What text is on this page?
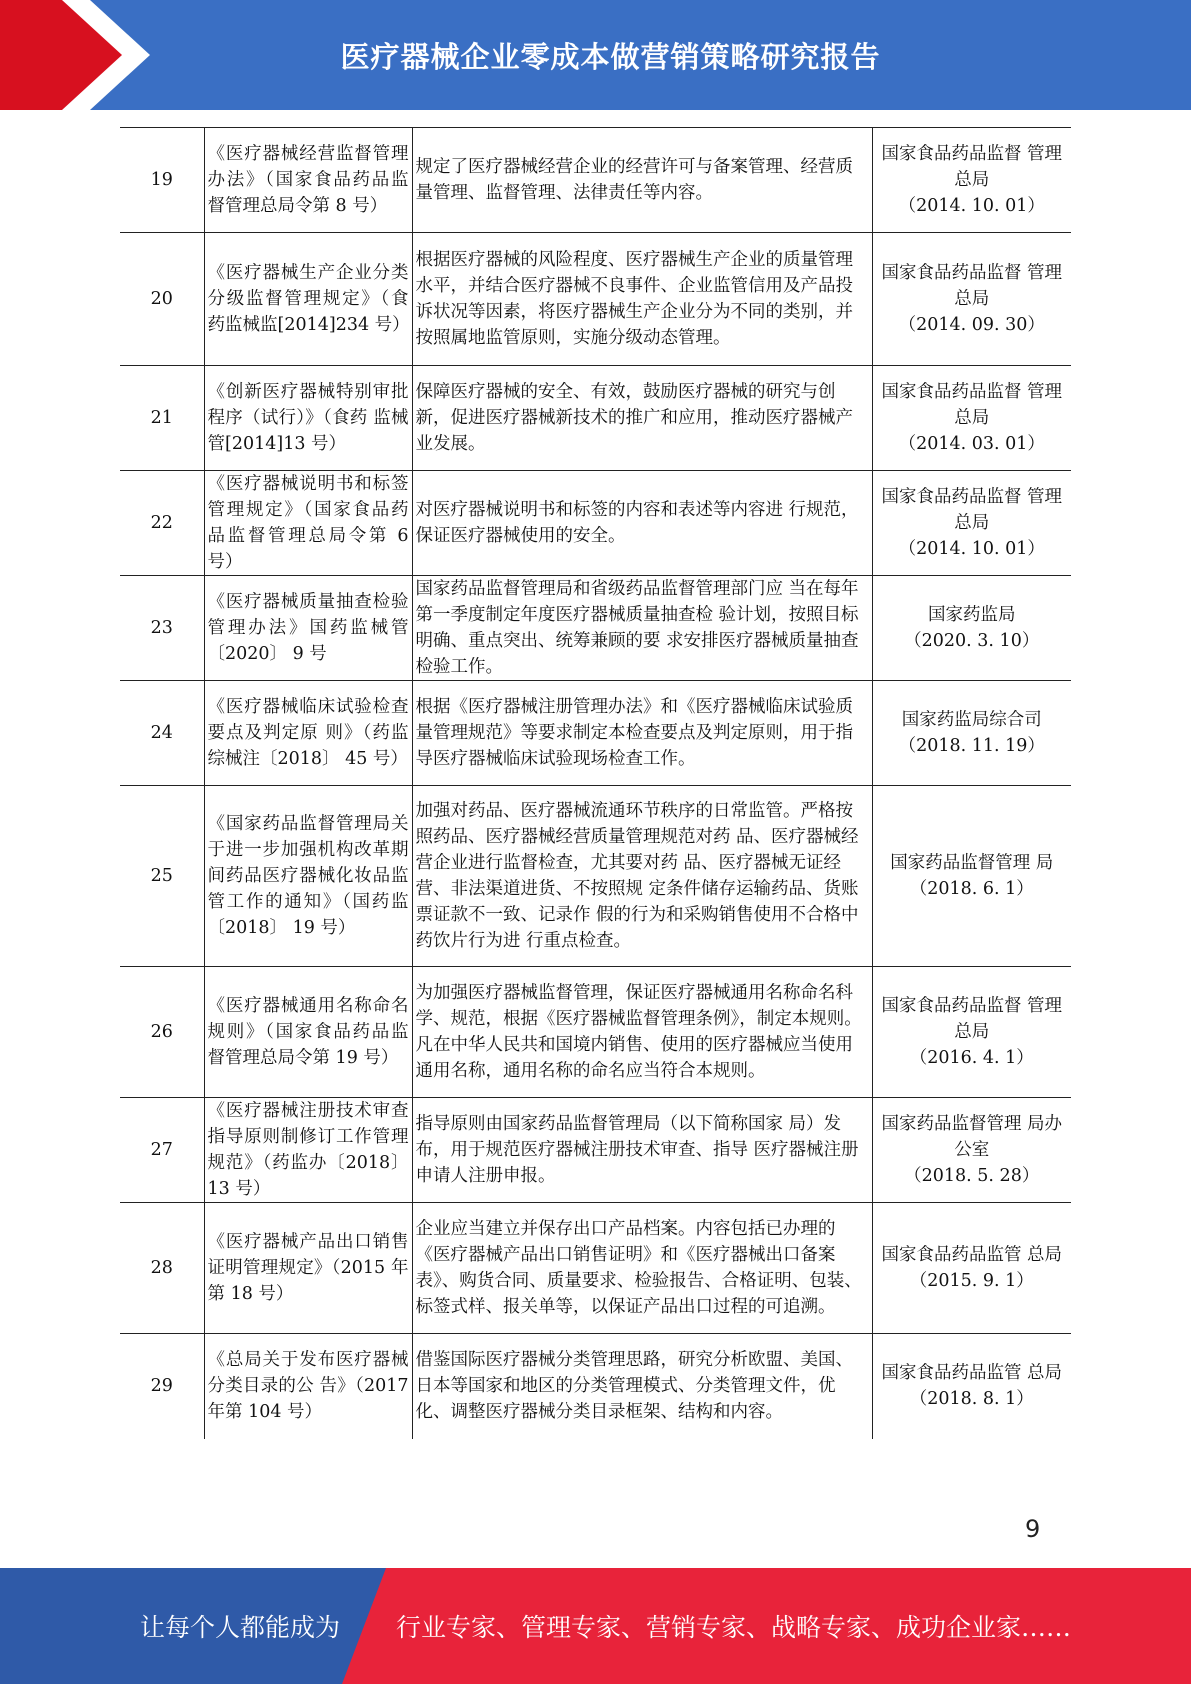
医疗器械企业零成本做营销策略研究报告
19	《医疗器械经营监督管理办法》（国家食品药品监督管理总局令第 8 号）	规定了医疗器械经营企业的经营许可与备案管理、经营质量管理、监督管理、法律责任等内容。	国家食品药品监督 管理总局
（2014. 10. 01）

20	《医疗器械生产企业分类分级监督管理规定》（食药监械监[2014]234 号）	根据医疗器械的风险程度、医疗器械生产企业的质量管理水平，并结合医疗器械不良事件、企业监管信用及产品投诉状况等因素，将医疗器械生产企业分为不同的类别，并按照属地监管原则，实施分级动态管理。	国家食品药品监督 管理总局
（2014. 09. 30）

21	《创新医疗器械特别审批程序（试行）》（食药 监械管[2014]13 号）	保障医疗器械的安全、有效，鼓励医疗器械的研究与创新，促进医疗器械新技术的推广和应用，推动医疗器械产业发展。	国家食品药品监督 管理总局
（2014. 03. 01）

22	《医疗器械说明书和标签管理规定》（国家食品药品监督管理总局令第 6 号）	对医疗器械说明书和标签的内容和表述等内容进 行规范，保证医疗器械使用的安全。	国家食品药品监督 管理总局
（2014. 10. 01）

23	《医疗器械质量抽查检验管理办法》国药监械管〔2020〕 9 号	国家药品监督管理局和省级药品监督管理部门应 当在每年第一季度制定年度医疗器械质量抽查检 验计划，按照目标明确、重点突出、统筹兼顾的要 求安排医疗器械质量抽查检验工作。	国家药监局
（2020. 3. 10）

24	《医疗器械临床试验检查要点及判定原 则》（药监综械注〔2018〕 45 号）	根据《医疗器械注册管理办法》和《医疗器械临床试验质量管理规范》等要求制定本检查要点及判定原则，用于指导医疗器械临床试验现场检查工作。	国家药监局综合司
（2018. 11. 19）

25	《国家药品监督管理局关于进一步加强机构改革期间药品医疗器械化妆品监管工作的通知》（国药监〔2018〕 19 号）	加强对药品、医疗器械流通环节秩序的日常监管。严格按照药品、医疗器械经营质量管理规范对药 品、医疗器械经营企业进行监督检查，尤其要对药 品、医疗器械无证经营、非法渠道进货、不按照规 定条件储存运输药品、货账票证款不一致、记录作 假的行为和采购销售使用不合格中药饮片行为进 行重点检查。	国家药品监督管理 局
（2018. 6. 1）

26	《医疗器械通用名称命名规则》（国家食品药品监督管理总局令第 19 号）	为加强医疗器械监督管理，保证医疗器械通用名称命名科学、规范，根据《医疗器械监督管理条例》，制定本规则。凡在中华人民共和国境内销售、使用的医疗器械应当使用通用名称，通用名称的命名应当符合本规则。	国家食品药品监督 管理总局
（2016. 4. 1）

27	《医疗器械注册技术审查指导原则制修订工作管理规范》（药监办〔2018〕13 号）	指导原则由国家药品监督管理局（以下简称国家 局）发布，用于规范医疗器械注册技术审查、指导 医疗器械注册申请人注册申报。	国家药品监督管理 局办公室
（2018. 5. 28）

28	《医疗器械产品出口销售证明管理规定》（2015 年第 18 号）	企业应当建立并保存出口产品档案。内容包括已办理的《医疗器械产品出口销售证明》和《医疗器械出口备案表》、购货合同、质量要求、检验报告、合格证明、包装、标签式样、报关单等，以保证产品出口过程的可追溯。	国家食品药品监管 总局
（2015. 9. 1）

29	《总局关于发布医疗器械分类目录的公 告》（2017 年第 104 号）	借鉴国际医疗器械分类管理思路，研究分析欧盟、美国、日本等国家和地区的分类管理模式、分类管理文件，优化、调整医疗器械分类目录框架、结构和内容。	国家食品药品监管 总局
（2018. 8. 1）
9
让每个人都能成为 行业专家、管理专家、营销专家、战略专家、成功企业家……
